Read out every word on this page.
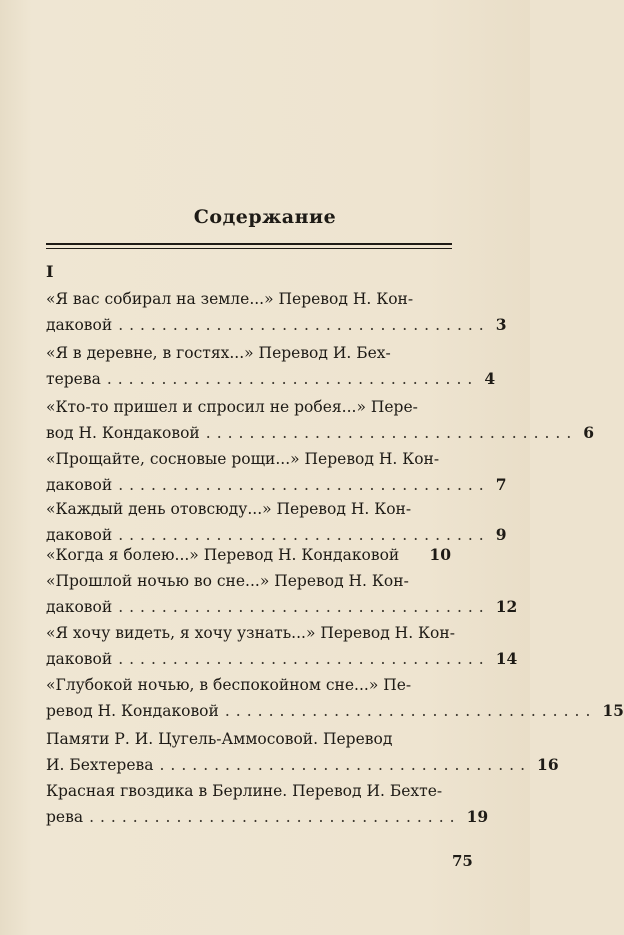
Содержание
I
«Я вас собирал на земле...» Перевод Н. Кон-
даковой .................................. 3
«Я в деревне, в гостях...» Перевод И. Бех-
терева .................................. 4
«Кто-то пришел и спросил не робея...» Пере-
вод Н. Кондаковой .................................. 6
«Прощайте, сосновые рощи...» Перевод Н. Кон-
даковой .................................. 7
«Каждый день отовсюду...» Перевод Н. Кон-
даковой .................................. 9
«Когда я болею...» Перевод Н. Кондаковой 10
«Прошлой ночью во сне...» Перевод Н. Кон-
даковой .................................. 12
«Я хочу видеть, я хочу узнать...» Перевод Н. Кон-
даковой .................................. 14
«Глубокой ночью, в беспокойном сне...» Пе-
ревод Н. Кондаковой .................................. 15
Памяти Р. И. Цугель-Аммосовой. Перевод
И. Бехтерева .................................. 16
Красная гвоздика в Берлине. Перевод И. Бехте-
рева .................................. 19
75
